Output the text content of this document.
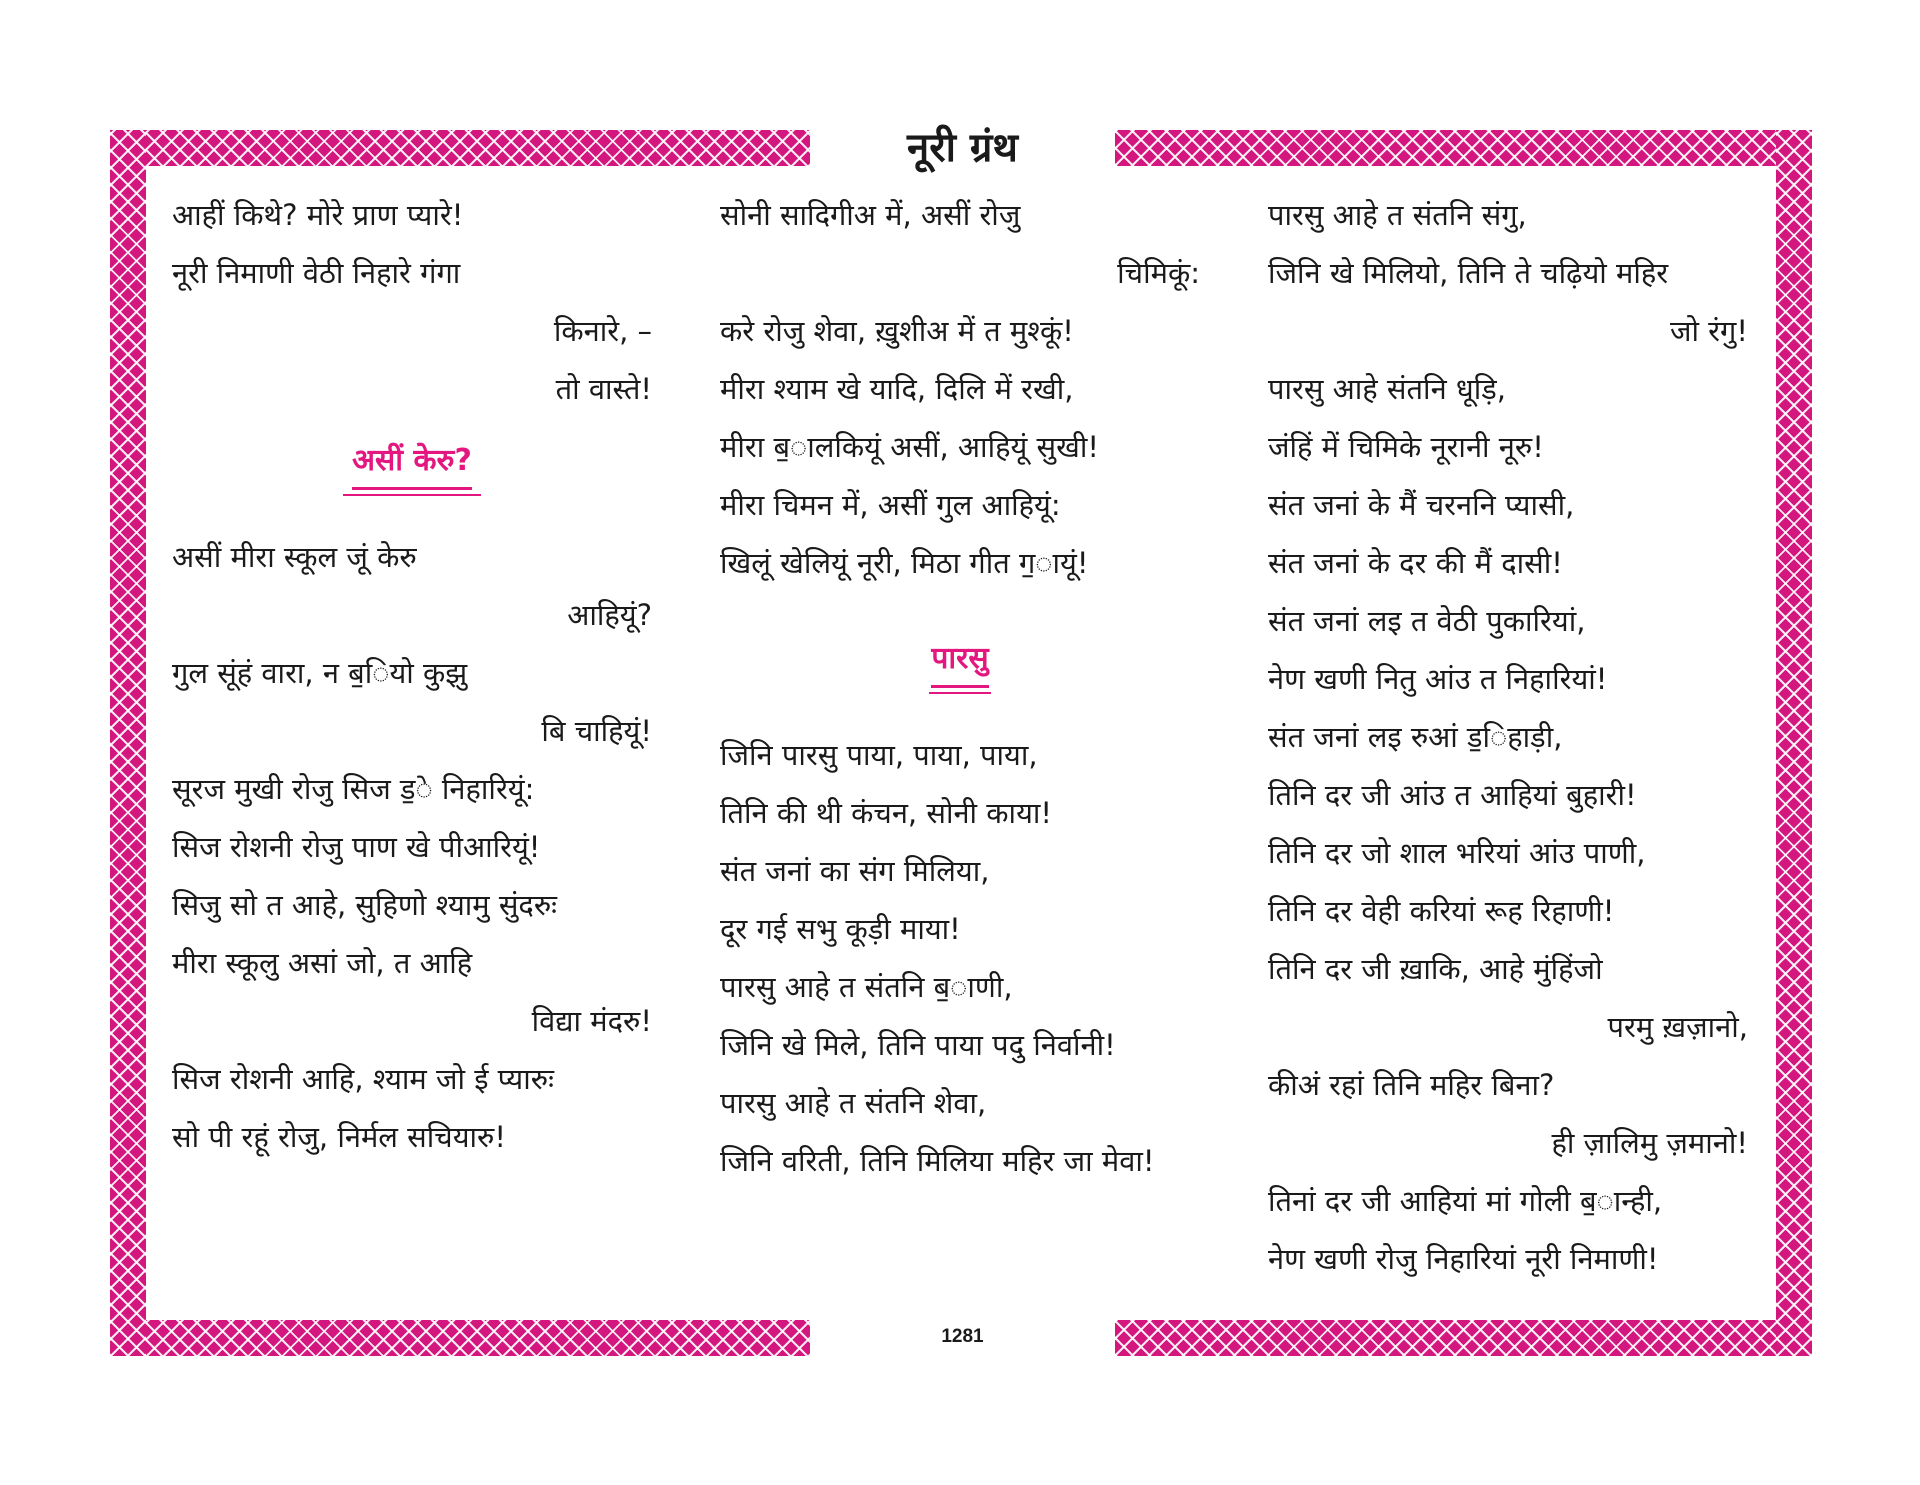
नूरी ग्रंथ
आहीं किथे? मोरे प्राण प्यारे!
नूरी निमाणी वेठी निहारे गंगा
किनारे, –
तो वास्ते!
असीं केरु?
असीं मीरा स्कूल जूं केरु
आहियूं?
गुल सूंहं वारा, न ब॒ियो कुझु
बि चाहियूं!
सूरज मुखी रोजु सिज ड॒े निहारियूं:
सिज रोशनी रोजु पाण खे पीआरियूं!
सिजु सो त आहे, सुहिणो श्यामु सुंदरुः
मीरा स्कूलु असां जो, त आहि
विद्या मंदरु!
सिज रोशनी आहि, श्याम जो ई प्यारुः
सो पी रहूं रोजु, निर्मल सचियारु!
सोनी सादिगीअ में, असीं रोजु
चिमिकूं:
करे रोजु शेवा, ख़ुशीअ में त मुश्कूं!
मीरा श्याम खे यादि, दिलि में रखी,
मीरा ब॒ालकियूं असीं, आहियूं सुखी!
मीरा चिमन में, असीं गुल आहियूं:
खिलूं खेलियूं नूरी, मिठा गीत ग॒ायूं!
पारसु
जिनि पारसु पाया, पाया, पाया,
तिनि की थी कंचन, सोनी काया!
संत जनां का संग मिलिया,
दूर गई सभु कूड़ी माया!
पारसु आहे त संतनि ब॒ाणी,
जिनि खे मिले, तिनि पाया पदु निर्वानी!
पारसु आहे त संतनि शेवा,
जिनि वरिती, तिनि मिलिया महिर जा मेवा!
पारसु आहे त संतनि संगु,
जिनि खे मिलियो, तिनि ते चढ़ियो महिर
जो रंगु!
पारसु आहे संतनि धूड़ि,
जंहिं में चिमिके नूरानी नूरु!
संत जनां के मैं चरननि प्यासी,
संत जनां के दर की मैं दासी!
संत जनां लइ त वेठी पुकारियां,
नेण खणी नितु आंउ त निहारियां!
संत जनां लइ रुआं ड॒िहाड़ी,
तिनि दर जी आंउ त आहियां बुहारी!
तिनि दर जो शाल भरियां आंउ पाणी,
तिनि दर वेही करियां रूह रिहाणी!
तिनि दर जी ख़ाकि, आहे मुंहिंजो
परमु ख़ज़ानो,
कीअं रहां तिनि महिर बिना?
ही ज़ालिमु ज़मानो!
तिनां दर जी आहियां मां गोली ब॒ान्ही,
नेण खणी रोजु निहारियां नूरी निमाणी!
1281
